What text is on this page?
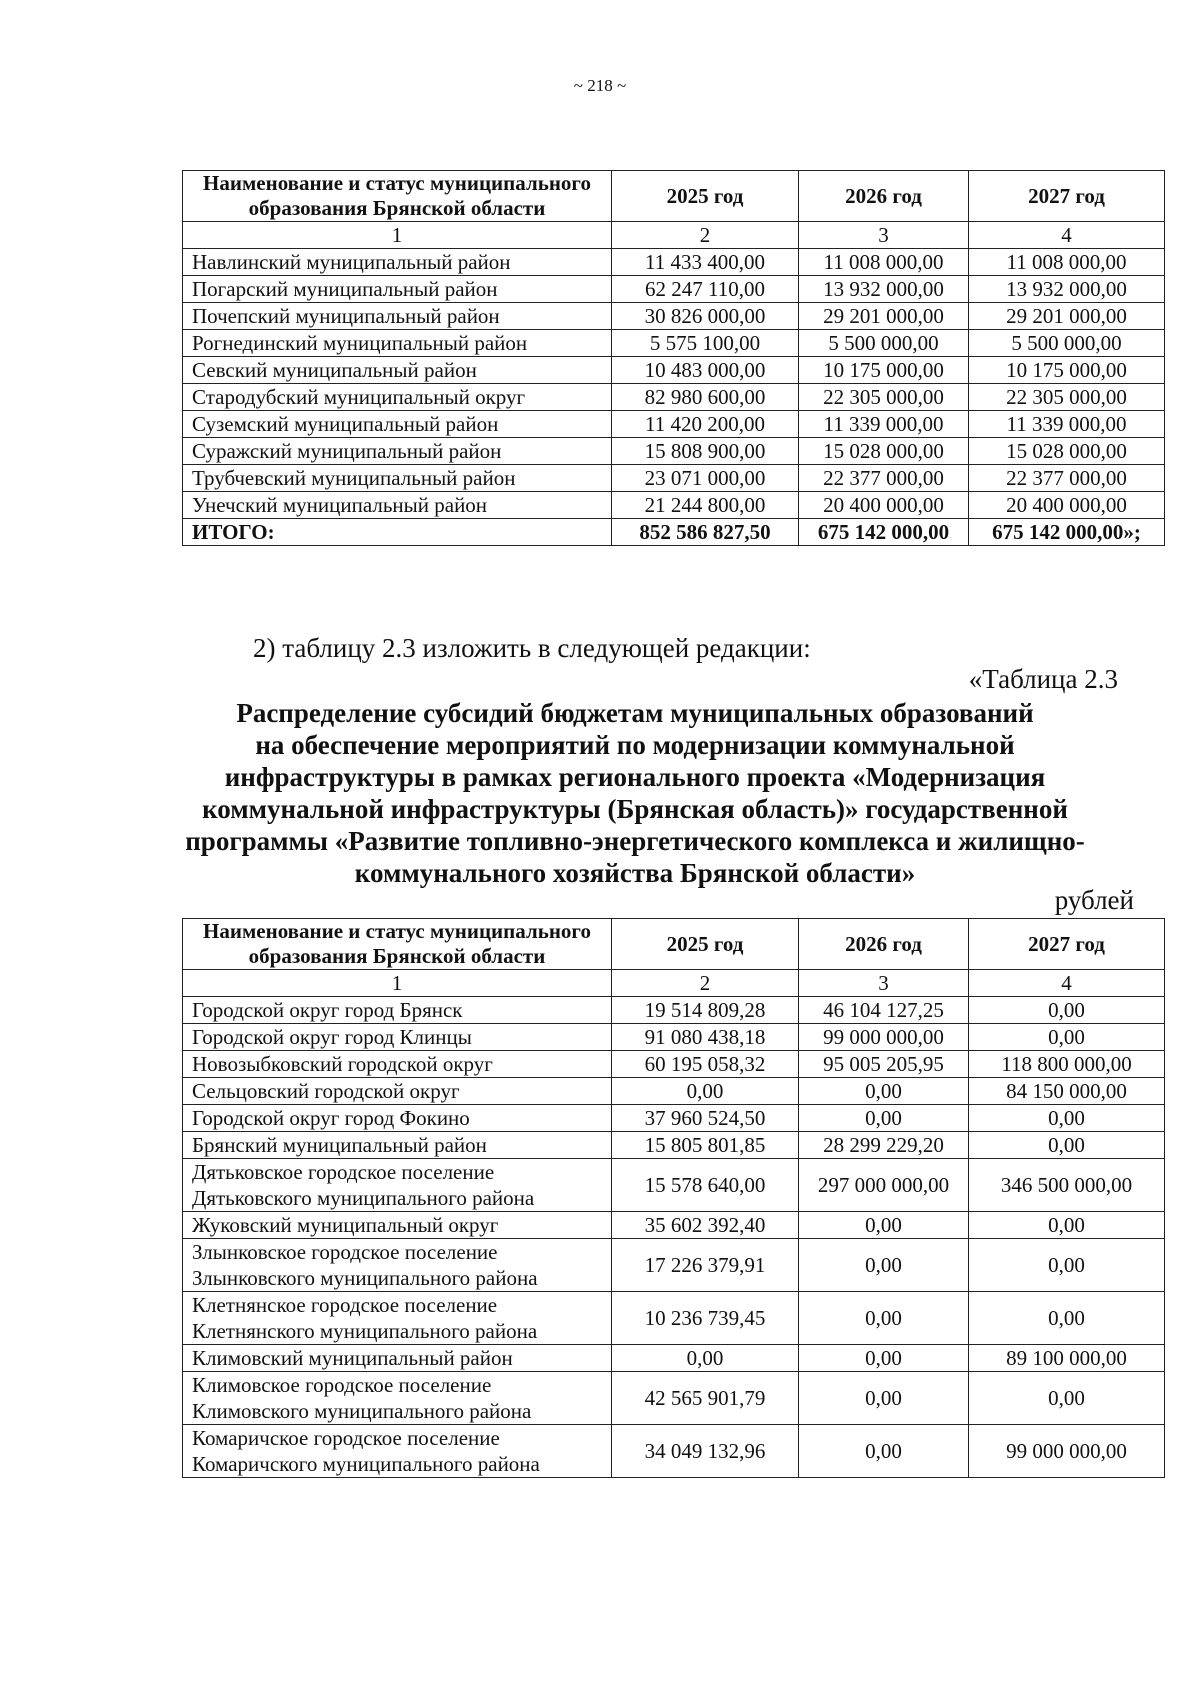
~ 218 ~
Наименование и статус муниципального образования Брянской области	2025 год	2026 год	2027 год
1	2	3	4
Навлинский муниципальный район	11 433 400,00	11 008 000,00	11 008 000,00
Погарский муниципальный район	62 247 110,00	13 932 000,00	13 932 000,00
Почепский муниципальный район	30 826 000,00	29 201 000,00	29 201 000,00
Рогнединский муниципальный район	5 575 100,00	5 500 000,00	5 500 000,00
Севский муниципальный район	10 483 000,00	10 175 000,00	10 175 000,00
Стародубский муниципальный округ	82 980 600,00	22 305 000,00	22 305 000,00
Суземский муниципальный район	11 420 200,00	11 339 000,00	11 339 000,00
Суражский муниципальный район	15 808 900,00	15 028 000,00	15 028 000,00
Трубчевский муниципальный район	23 071 000,00	22 377 000,00	22 377 000,00
Унечский муниципальный район	21 244 800,00	20 400 000,00	20 400 000,00
ИТОГО:	852 586 827,50	675 142 000,00	675 142 000,00»;
2) таблицу 2.3 изложить в следующей редакции:
«Таблица 2.3
Распределение субсидий бюджетам муниципальных образований
на обеспечение мероприятий по модернизации коммунальной
инфраструктуры в рамках регионального проекта «Модернизация
коммунальной инфраструктуры (Брянская область)» государственной
программы «Развитие топливно-энергетического комплекса и жилищно-
коммунального хозяйства Брянской области»
рублей
Наименование и статус муниципального образования Брянской области	2025 год	2026 год	2027 год
1	2	3	4
Городской округ город Брянск	19 514 809,28	46 104 127,25	0,00
Городской округ город Клинцы	91 080 438,18	99 000 000,00	0,00
Новозыбковский городской округ	60 195 058,32	95 005 205,95	118 800 000,00
Сельцовский городской округ	0,00	0,00	84 150 000,00
Городской округ город Фокино	37 960 524,50	0,00	0,00
Брянский муниципальный район	15 805 801,85	28 299 229,20	0,00
Дятьковское городское поселение Дятьковского муниципального района	15 578 640,00	297 000 000,00	346 500 000,00
Жуковский муниципальный округ	35 602 392,40	0,00	0,00
Злынковское городское поселение Злынковского муниципального района	17 226 379,91	0,00	0,00
Клетнянское городское поселение Клетнянского муниципального района	10 236 739,45	0,00	0,00
Климовский муниципальный район	0,00	0,00	89 100 000,00
Климовское городское поселение Климовского муниципального района	42 565 901,79	0,00	0,00
Комаричское городское поселение Комаричского муниципального района	34 049 132,96	0,00	99 000 000,00
